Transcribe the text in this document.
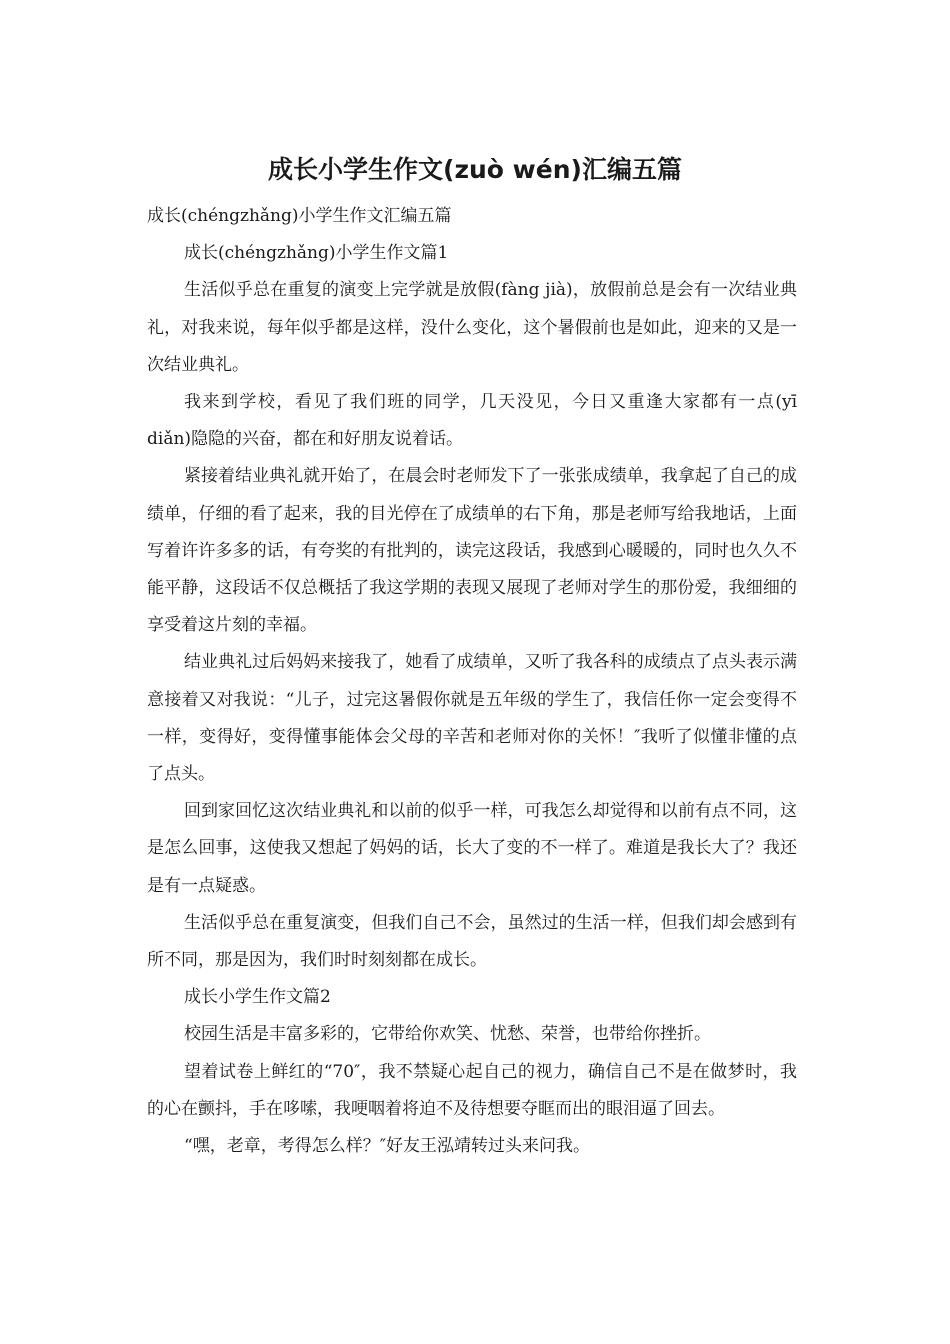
成长小学生作文(zuò wén)汇编五篇

成长(chéngzhǎng)小学生作文汇编五篇

成长(chéngzhǎng)小学生作文篇1

生活似乎总在重复的演变上完学就是放假(fàng jià)，放假前总是会有一次结业典礼，对我来说，每年似乎都是这样，没什么变化，这个暑假前也是如此，迎来的又是一次结业典礼。

我来到学校，看见了我们班的同学，几天没见，今日又重逢大家都有一点(yī diǎn)隐隐的兴奋，都在和好朋友说着话。

紧接着结业典礼就开始了，在晨会时老师发下了一张张成绩单，我拿起了自己的成绩单，仔细的看了起来，我的目光停在了成绩单的右下角，那是老师写给我地话，上面写着许许多多的话，有夸奖的有批判的，读完这段话，我感到心暖暖的，同时也久久不能平静，这段话不仅总概括了我这学期的表现又展现了老师对学生的那份爱，我细细的享受着这片刻的幸福。

结业典礼过后妈妈来接我了，她看了成绩单，又听了我各科的成绩点了点头表示满意接着又对我说：“儿子，过完这暑假你就是五年级的学生了，我信任你一定会变得不一样，变得好，变得懂事能体会父母的辛苦和老师对你的关怀！″我听了似懂非懂的点了点头。

回到家回忆这次结业典礼和以前的似乎一样，可我怎么却觉得和以前有点不同，这是怎么回事，这使我又想起了妈妈的话，长大了变的不一样了。难道是我长大了？我还是有一点疑惑。

生活似乎总在重复演变，但我们自己不会，虽然过的生活一样，但我们却会感到有所不同，那是因为，我们时时刻刻都在成长。

成长小学生作文篇2

校园生活是丰富多彩的，它带给你欢笑、忧愁、荣誉，也带给你挫折。

望着试卷上鲜红的“70″，我不禁疑心起自己的视力，确信自己不是在做梦时，我的心在颤抖，手在哆嗦，我哽咽着将迫不及待想要夺眶而出的眼泪逼了回去。

“嘿，老章，考得怎么样？″好友王泓靖转过头来问我。
